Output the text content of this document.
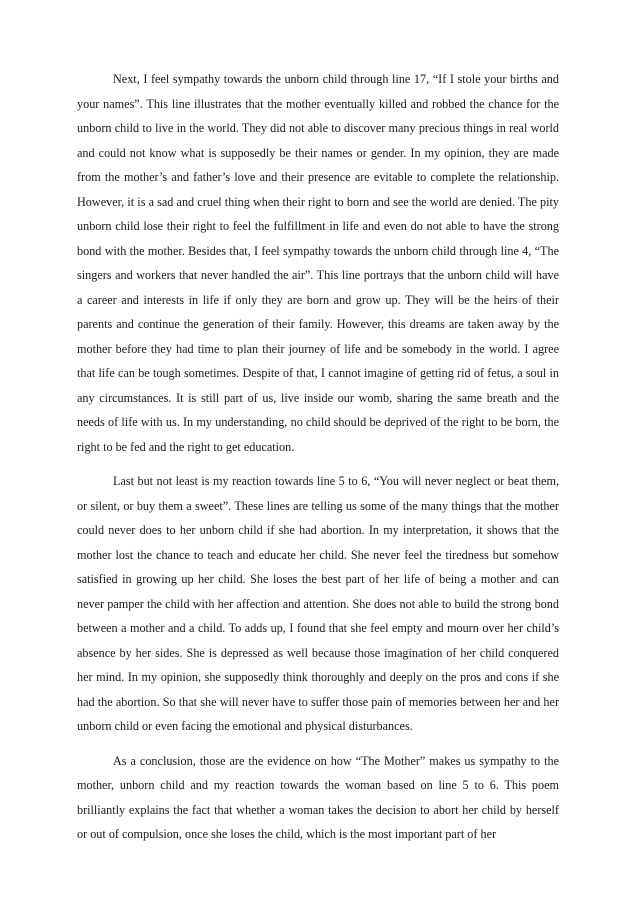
Next, I feel sympathy towards the unborn child through line 17, “If I stole your births and your names”. This line illustrates that the mother eventually killed and robbed the chance for the unborn child to live in the world. They did not able to discover many precious things in real world and could not know what is supposedly be their names or gender. In my opinion, they are made from the mother’s and father’s love and their presence are evitable to complete the relationship. However, it is a sad and cruel thing when their right to born and see the world are denied. The pity unborn child lose their right to feel the fulfillment in life and even do not able to have the strong bond with the mother. Besides that, I feel sympathy towards the unborn child through line 4, “The singers and workers that never handled the air”. This line portrays that the unborn child will have a career and interests in life if only they are born and grow up. They will be the heirs of their parents and continue the generation of their family. However, this dreams are taken away by the mother before they had time to plan their journey of life and be somebody in the world. I agree that life can be tough sometimes. Despite of that, I cannot imagine of getting rid of fetus, a soul in any circumstances. It is still part of us, live inside our womb, sharing the same breath and the needs of life with us. In my understanding, no child should be deprived of the right to be born, the right to be fed and the right to get education.

Last but not least is my reaction towards line 5 to 6, “You will never neglect or beat them, or silent, or buy them a sweet”. These lines are telling us some of the many things that the mother could never does to her unborn child if she had abortion. In my interpretation, it shows that the mother lost the chance to teach and educate her child. She never feel the tiredness but somehow satisfied in growing up her child. She loses the best part of her life of being a mother and can never pamper the child with her affection and attention. She does not able to build the strong bond between a mother and a child. To adds up, I found that she feel empty and mourn over her child’s absence by her sides. She is depressed as well because those imagination of her child conquered her mind. In my opinion, she supposedly think thoroughly and deeply on the pros and cons if she had the abortion. So that she will never have to suffer those pain of memories between her and her unborn child or even facing the emotional and physical disturbances.

As a conclusion, those are the evidence on how “The Mother” makes us sympathy to the mother, unborn child and my reaction towards the woman based on line 5 to 6. This poem brilliantly explains the fact that whether a woman takes the decision to abort her child by herself or out of compulsion, once she loses the child, which is the most important part of her
